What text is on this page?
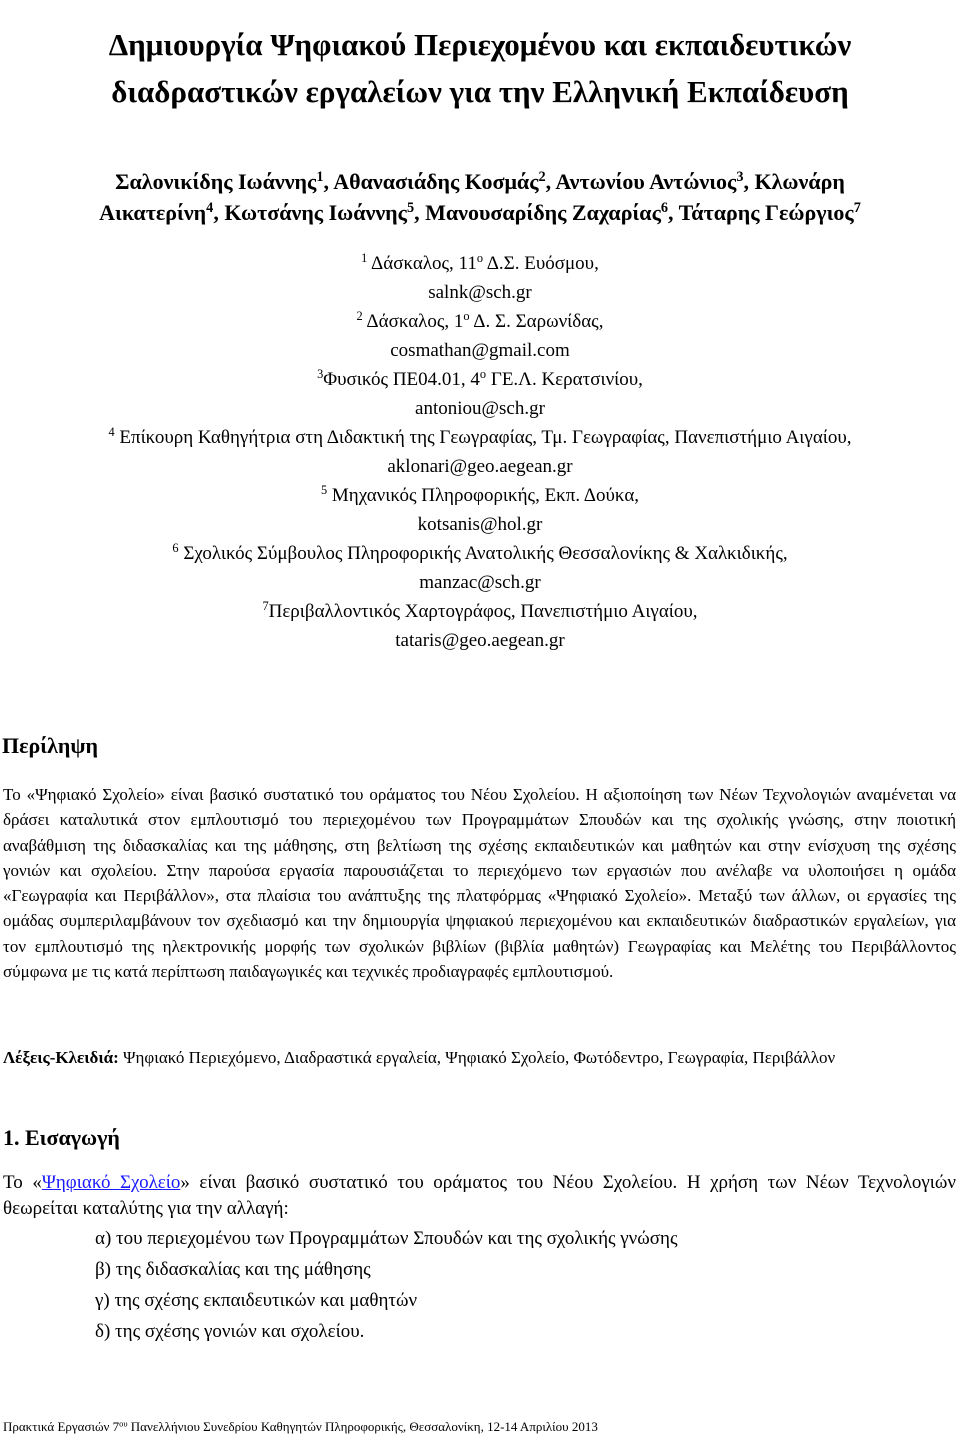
Δημιουργία Ψηφιακού Περιεχομένου και εκπαιδευτικών
διαδραστικών εργαλείων για την Ελληνική Εκπαίδευση
Σαλονικίδης Ιωάννης$^1$, Αθανασιάδης Κοσμάς$^2$, Αντωνίου Αντώνιος$^3$, Κλωνάρη
Αικατερίνη$^4$, Κωτσάνης Ιωάννης$^5$, Μανουσαρίδης Ζαχαρίας$^6$, Τάταρης Γεώργιος$^7$
$^1$ Δάσκαλος, $11^o$ Δ.Σ. Ευόσμου,
salnk@sch.gr
$^2$ Δάσκαλος, $1^o$ Δ. Σ. Σαρωνίδας,
cosmathan@gmail.com
$^3$Φυσικός ΠΕ04.01, $4^o$ ΓΕ.Λ. Κερατσινίου,
antoniou@sch.gr
$^4$ Επίκουρη Καθηγήτρια στη Διδακτική της Γεωγραφίας, Τμ. Γεωγραφίας, Πανεπιστήμιο Αιγαίου,
aklonari@geo.aegean.gr
$^5$ Μηχανικός Πληροφορικής, Εκπ. Δούκα,
kotsanis@hol.gr
$^6$ Σχολικός Σύμβουλος Πληροφορικής Ανατολικής Θεσσαλονίκης & Χαλκιδικής,
manzac@sch.gr
$^7$Περιβαλλοντικός Χαρτογράφος, Πανεπιστήμιο Αιγαίου,
tataris@geo.aegean.gr
Περίληψη

Το «Ψηφιακό Σχολείο» είναι βασικό συστατικό του οράματος του Νέου Σχολείου. Η αξιοποίηση των Νέων Τεχνολογιών αναμένεται να δράσει καταλυτικά στον εμπλουτισμό του περιεχομένου των Προγραμμάτων Σπουδών και της σχολικής γνώσης, στην ποιοτική αναβάθμιση της διδασκαλίας και της μάθησης, στη βελτίωση της σχέσης εκπαιδευτικών και μαθητών και στην ενίσχυση της σχέσης γονιών και σχολείου. Στην παρούσα εργασία παρουσιάζεται το περιεχόμενο των εργασιών που ανέλαβε να υλοποιήσει η ομάδα «Γεωγραφία και Περιβάλλον», στα πλαίσια του ανάπτυξης της πλατφόρμας «Ψηφιακό Σχολείο». Μεταξύ των άλλων, οι εργασίες της ομάδας συμπεριλαμβάνουν τον σχεδιασμό και την δημιουργία ψηφιακού περιεχομένου και εκπαιδευτικών διαδραστικών εργαλείων, για τον εμπλουτισμό της ηλεκτρονικής μορφής των σχολικών βιβλίων (βιβλία μαθητών) Γεωγραφίας και Μελέτης του Περιβάλλοντος σύμφωνα με τις κατά περίπτωση παιδαγωγικές και τεχνικές προδιαγραφές εμπλουτισμού.

Λέξεις-Κλειδιά: Ψηφιακό Περιεχόμενο, Διαδραστικά εργαλεία, Ψηφιακό Σχολείο, Φωτόδεντρο, Γεωγραφία, Περιβάλλον

1. Εισαγωγή

Το «Ψηφιακό Σχολείο» είναι βασικό συστατικό του οράματος του Νέου Σχολείου. Η χρήση των Νέων Τεχνολογιών θεωρείται καταλύτης για την αλλαγή:

α) του περιεχομένου των Προγραμμάτων Σπουδών και της σχολικής γνώσης
β) της διδασκαλίας και της μάθησης
γ) της σχέσης εκπαιδευτικών και μαθητών
δ) της σχέσης γονιών και σχολείου.

Πρακτικά Εργασιών $7^{o\upsilon}$ Πανελλήνιου Συνεδρίου Καθηγητών Πληροφορικής, Θεσσαλονίκη, 12-14 Απριλίου 2013
